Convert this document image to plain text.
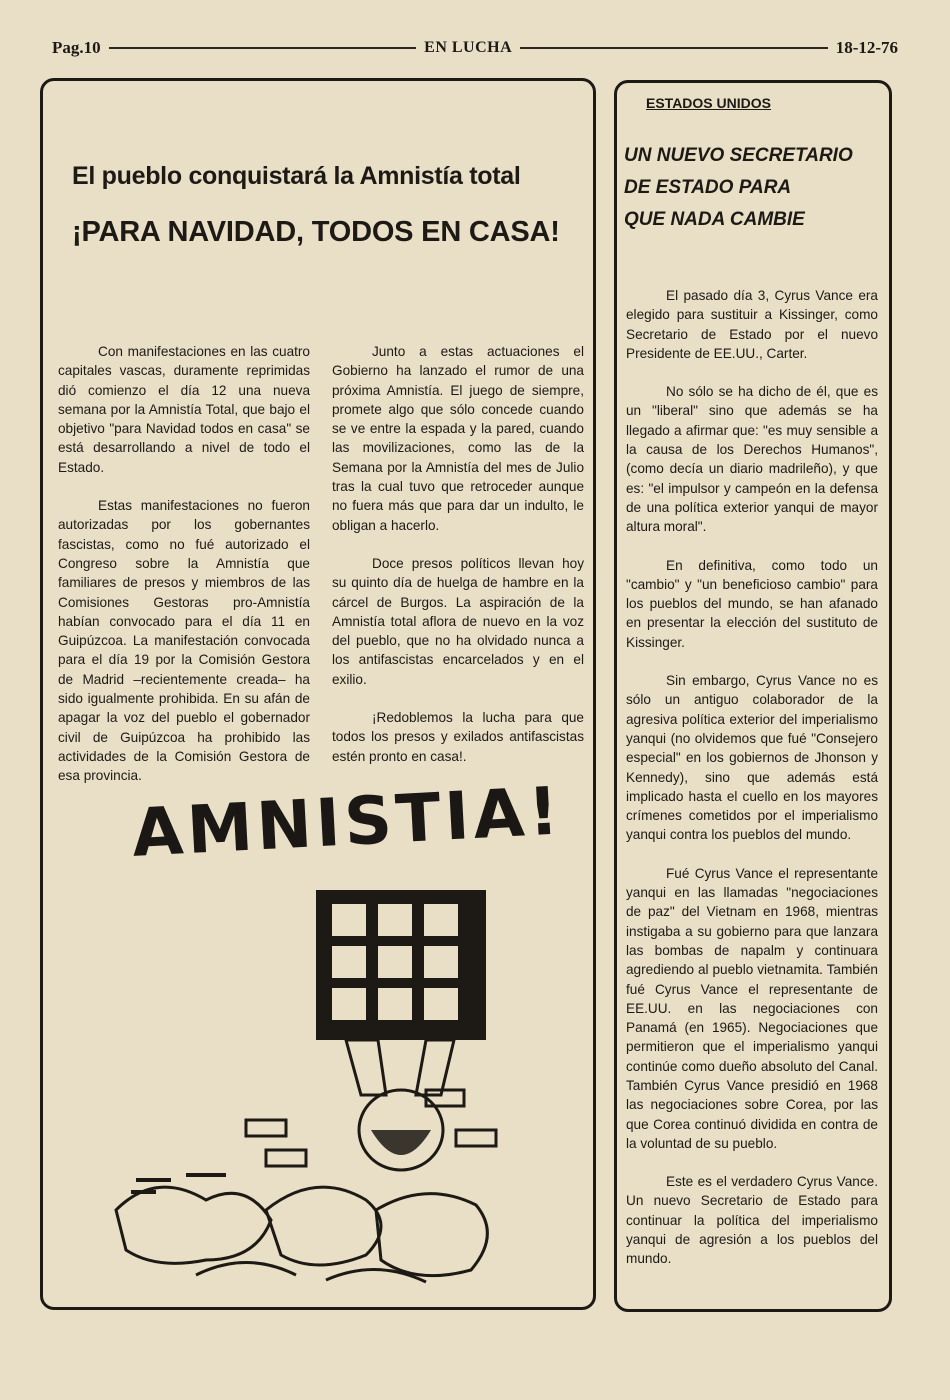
Pag.10	EN LUCHA	18-12-76
El pueblo conquistará la Amnistía total
¡PARA NAVIDAD, TODOS EN CASA!

Con manifestaciones en las cuatro capitales vascas, duramente reprimidas dió comienzo el día 12 una nueva semana por la Amnistía Total, que bajo el objetivo "para Navidad todos en casa" se está desarrollando a nivel de todo el Estado.

Estas manifestaciones no fueron autorizadas por los gobernantes fascistas, como no fué autorizado el Congreso sobre la Amnistía que familiares de presos y miembros de las Comisiones Gestoras pro-Amnistía habían convocado para el día 11 en Guipúzcoa. La manifestación convocada para el día 19 por la Comisión Gestora de Madrid –recientemente creada– ha sido igualmente prohibida. En su afán de apagar la voz del pueblo el gobernador civil de Guipúzcoa ha prohibido las actividades de la Comisión Gestora de esa provincia.

Junto a estas actuaciones el Gobierno ha lanzado el rumor de una próxima Amnistía. El juego de siempre, promete algo que sólo concede cuando se ve entre la espada y la pared, cuando las movilizaciones, como las de la Semana por la Amnistía del mes de Julio tras la cual tuvo que retroceder aunque no fuera más que para dar un indulto, le obligan a hacerlo.

Doce presos políticos llevan hoy su quinto día de huelga de hambre en la cárcel de Burgos. La aspiración de la Amnistía total aflora de nuevo en la voz del pueblo, que no ha olvidado nunca a los antifascistas encarcelados y en el exilio.

¡Redoblemos la lucha para que todos los presos y exilados antifascistas estén pronto en casa!.

AMNISTIA!
ESTADOS UNIDOS
UN NUEVO SECRETARIO
DE ESTADO PARA
QUE NADA CAMBIE

El pasado día 3, Cyrus Vance era elegido para sustituir a Kissinger, como Secretario de Estado por el nuevo Presidente de EE.UU., Carter.

No sólo se ha dicho de él, que es un "liberal" sino que además se ha llegado a afirmar que: "es muy sensible a la causa de los Derechos Humanos", (como decía un diario madrileño), y que es: "el impulsor y campeón en la defensa de una política exterior yanqui de mayor altura moral".

En definitiva, como todo un "cambio" y "un beneficioso cambio" para los pueblos del mundo, se han afanado en presentar la elección del sustituto de Kissinger.

Sin embargo, Cyrus Vance no es sólo un antiguo colaborador de la agresiva política exterior del imperialismo yanqui (no olvidemos que fué "Consejero especial" en los gobiernos de Jhonson y Kennedy), sino que además está implicado hasta el cuello en los mayores crímenes cometidos por el imperialismo yanqui contra los pueblos del mundo.

Fué Cyrus Vance el representante yanqui en las llamadas "negociaciones de paz" del Vietnam en 1968, mientras instigaba a su gobierno para que lanzara las bombas de napalm y continuara agrediendo al pueblo vietnamita. También fué Cyrus Vance el representante de EE.UU. en las negociaciones con Panamá (en 1965). Negociaciones que permitieron que el imperialismo yanqui continúe como dueño absoluto del Canal. También Cyrus Vance presidió en 1968 las negociaciones sobre Corea, por las que Corea continuó dividida en contra de la voluntad de su pueblo.

Este es el verdadero Cyrus Vance. Un nuevo Secretario de Estado para continuar la política del imperialismo yanqui de agresión a los pueblos del mundo.
